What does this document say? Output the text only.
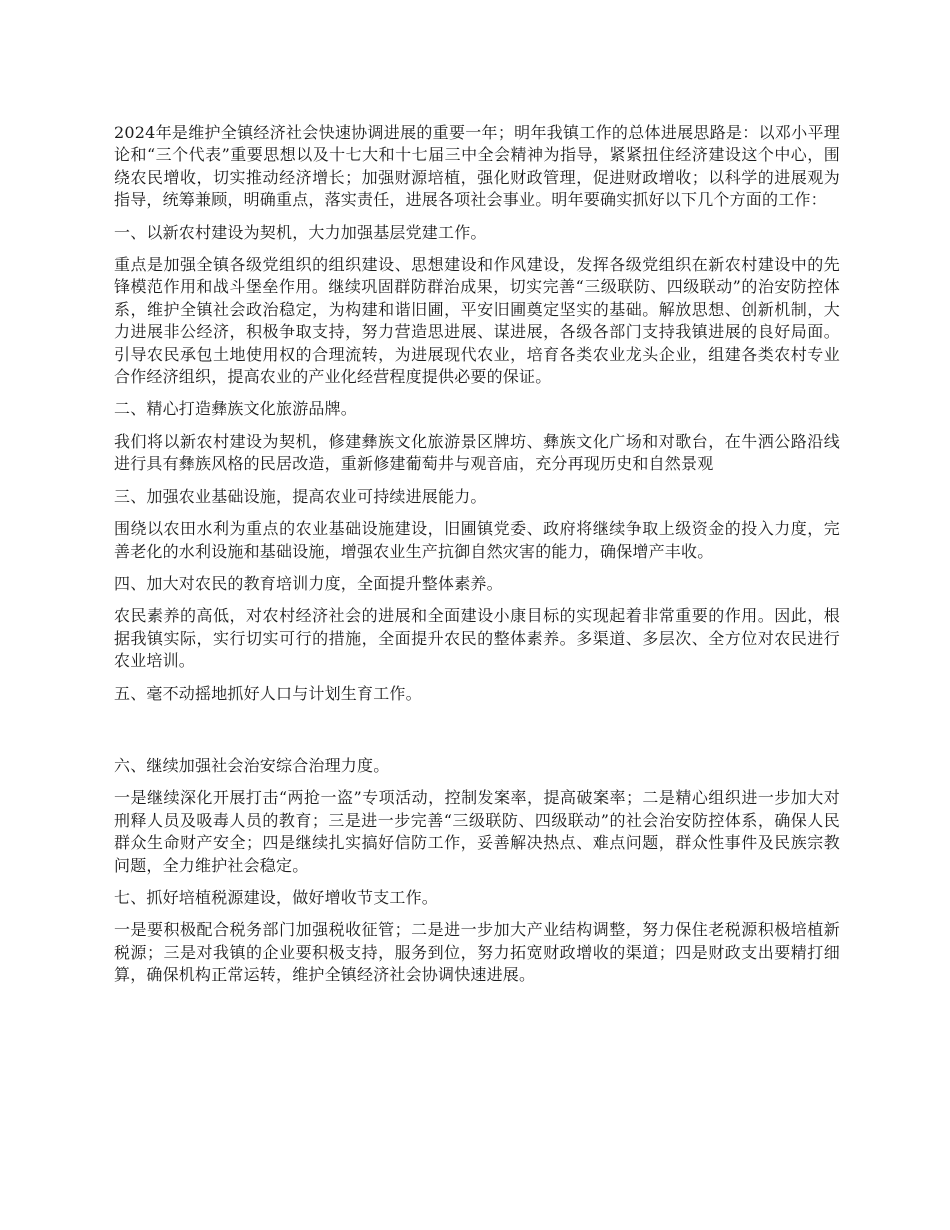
2024年是维护全镇经济社会快速协调进展的重要一年；明年我镇工作的总体进展思路是：以邓小平理论和“三个代表”重要思想以及十七大和十七届三中全会精神为指导，紧紧扭住经济建设这个中心，围绕农民增收，切实推动经济增长；加强财源培植，强化财政管理，促进财政增收；以科学的进展观为指导，统筹兼顾，明确重点，落实责任，进展各项社会事业。明年要确实抓好以下几个方面的工作：

一、以新农村建设为契机，大力加强基层党建工作。

重点是加强全镇各级党组织的组织建设、思想建设和作风建设，发挥各级党组织在新农村建设中的先锋模范作用和战斗堡垒作用。继续巩固群防群治成果，切实完善“三级联防、四级联动”的治安防控体系，维护全镇社会政治稳定，为构建和谐旧圃，平安旧圃奠定坚实的基础。解放思想、创新机制，大力进展非公经济，积极争取支持，努力营造思进展、谋进展，各级各部门支持我镇进展的良好局面。引导农民承包土地使用权的合理流转，为进展现代农业，培育各类农业龙头企业，组建各类农村专业合作经济组织，提高农业的产业化经营程度提供必要的保证。

二、精心打造彝族文化旅游品牌。

我们将以新农村建设为契机，修建彝族文化旅游景区牌坊、彝族文化广场和对歌台，在牛洒公路沿线进行具有彝族风格的民居改造，重新修建葡萄井与观音庙，充分再现历史和自然景观

三、加强农业基础设施，提高农业可持续进展能力。

围绕以农田水利为重点的农业基础设施建设，旧圃镇党委、政府将继续争取上级资金的投入力度，完善老化的水利设施和基础设施，增强农业生产抗御自然灾害的能力，确保增产丰收。

四、加大对农民的教育培训力度，全面提升整体素养。

农民素养的高低，对农村经济社会的进展和全面建设小康目标的实现起着非常重要的作用。因此，根据我镇实际，实行切实可行的措施，全面提升农民的整体素养。多渠道、多层次、全方位对农民进行农业培训。

五、毫不动摇地抓好人口与计划生育工作。

六、继续加强社会治安综合治理力度。

一是继续深化开展打击“两抢一盗”专项活动，控制发案率，提高破案率；二是精心组织进一步加大对刑释人员及吸毒人员的教育；三是进一步完善“三级联防、四级联动”的社会治安防控体系，确保人民群众生命财产安全；四是继续扎实搞好信防工作，妥善解决热点、难点问题，群众性事件及民族宗教问题，全力维护社会稳定。

七、抓好培植税源建设，做好增收节支工作。

一是要积极配合税务部门加强税收征管；二是进一步加大产业结构调整，努力保住老税源积极培植新税源；三是对我镇的企业要积极支持，服务到位，努力拓宽财政增收的渠道；四是财政支出要精打细算，确保机构正常运转，维护全镇经济社会协调快速进展。
